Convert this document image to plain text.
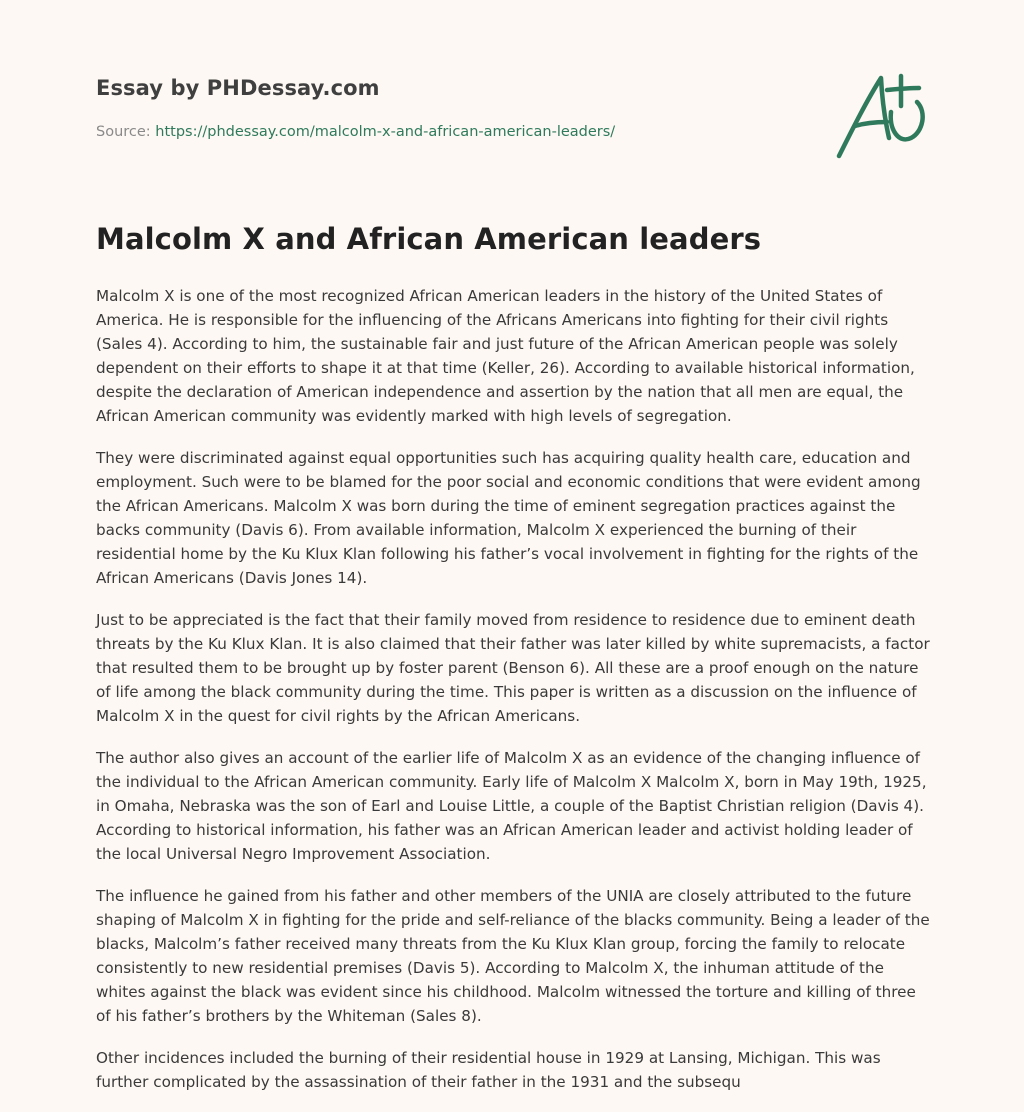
Essay by PHDessay.com
Source: https://phdessay.com/malcolm-x-and-african-american-leaders/
Malcolm X and African American leaders

Malcolm X is one of the most recognized African American leaders in the history of the United States of America. He is responsible for the influencing of the Africans Americans into fighting for their civil rights (Sales 4). According to him, the sustainable fair and just future of the African American people was solely dependent on their efforts to shape it at that time (Keller, 26). According to available historical information, despite the declaration of American independence and assertion by the nation that all men are equal, the African American community was evidently marked with high levels of segregation.

They were discriminated against equal opportunities such has acquiring quality health care, education and employment. Such were to be blamed for the poor social and economic conditions that were evident among the African Americans. Malcolm X was born during the time of eminent segregation practices against the backs community (Davis 6). From available information, Malcolm X experienced the burning of their residential home by the Ku Klux Klan following his father’s vocal involvement in fighting for the rights of the African Americans (Davis Jones 14).

Just to be appreciated is the fact that their family moved from residence to residence due to eminent death threats by the Ku Klux Klan. It is also claimed that their father was later killed by white supremacists, a factor that resulted them to be brought up by foster parent (Benson 6). All these are a proof enough on the nature of life among the black community during the time. This paper is written as a discussion on the influence of Malcolm X in the quest for civil rights by the African Americans.

The author also gives an account of the earlier life of Malcolm X as an evidence of the changing influence of the individual to the African American community. Early life of Malcolm X Malcolm X, born in May 19th, 1925, in Omaha, Nebraska was the son of Earl and Louise Little, a couple of the Baptist Christian religion (Davis 4). According to historical information, his father was an African American leader and activist holding leader of the local Universal Negro Improvement Association.

The influence he gained from his father and other members of the UNIA are closely attributed to the future shaping of Malcolm X in fighting for the pride and self-reliance of the blacks community. Being a leader of the blacks, Malcolm’s father received many threats from the Ku Klux Klan group, forcing the family to relocate consistently to new residential premises (Davis 5). According to Malcolm X, the inhuman attitude of the whites against the black was evident since his childhood. Malcolm witnessed the torture and killing of three of his father’s brothers by the Whiteman (Sales 8).

Other incidences included the burning of their residential house in 1929 at Lansing, Michigan. This was further complicated by the assassination of their father in the 1931 and the subsequ
